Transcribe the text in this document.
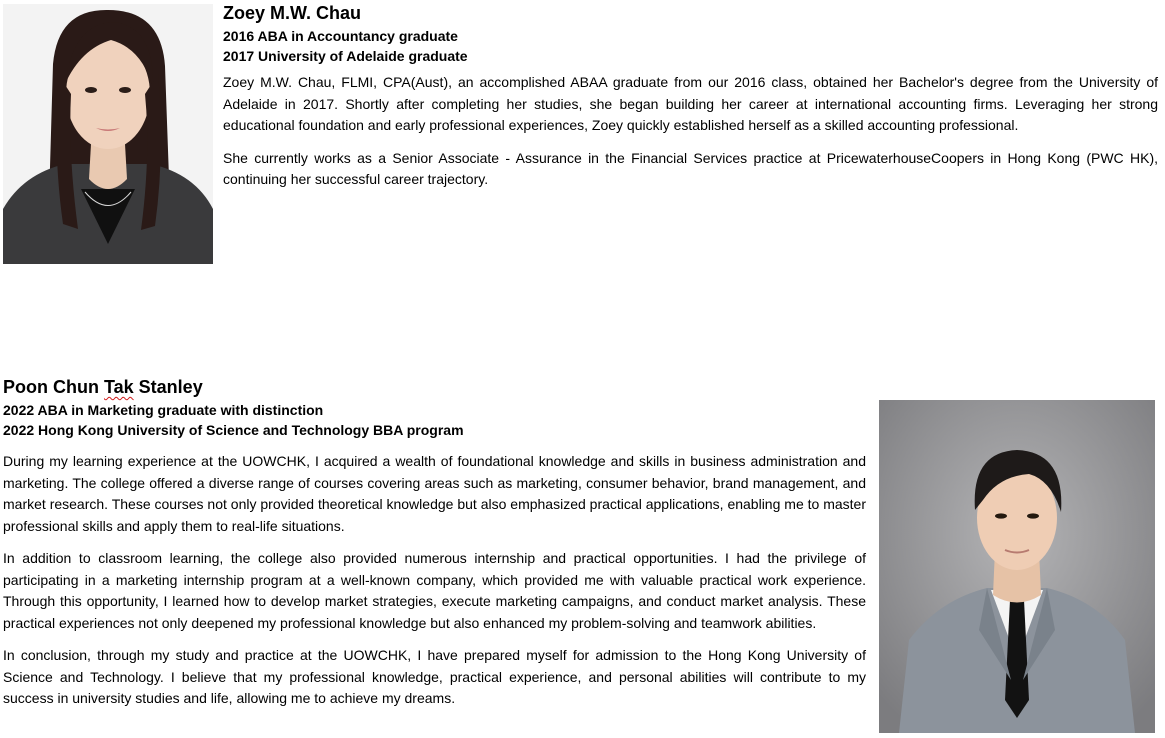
Zoey M.W. Chau
2016 ABA in Accountancy graduate
2017 University of Adelaide graduate

Zoey M.W. Chau, FLMI, CPA(Aust), an accomplished ABAA graduate from our 2016 class, obtained her Bachelor's degree from the University of Adelaide in 2017. Shortly after completing her studies, she began building her career at international accounting firms. Leveraging her strong educational foundation and early professional experiences, Zoey quickly established herself as a skilled accounting professional.

She currently works as a Senior Associate - Assurance in the Financial Services practice at PricewaterhouseCoopers in Hong Kong (PWC HK), continuing her successful career trajectory.

Poon Chun Tak Stanley
2022 ABA in Marketing graduate with distinction
2022 Hong Kong University of Science and Technology BBA program

During my learning experience at the UOWCHK, I acquired a wealth of foundational knowledge and skills in business administration and marketing. The college offered a diverse range of courses covering areas such as marketing, consumer behavior, brand management, and market research. These courses not only provided theoretical knowledge but also emphasized practical applications, enabling me to master professional skills and apply them to real-life situations.

In addition to classroom learning, the college also provided numerous internship and practical opportunities. I had the privilege of participating in a marketing internship program at a well-known company, which provided me with valuable practical work experience. Through this opportunity, I learned how to develop market strategies, execute marketing campaigns, and conduct market analysis. These practical experiences not only deepened my professional knowledge but also enhanced my problem-solving and teamwork abilities.

In conclusion, through my study and practice at the UOWCHK, I have prepared myself for admission to the Hong Kong University of Science and Technology. I believe that my professional knowledge, practical experience, and personal abilities will contribute to my success in university studies and life, allowing me to achieve my dreams.
